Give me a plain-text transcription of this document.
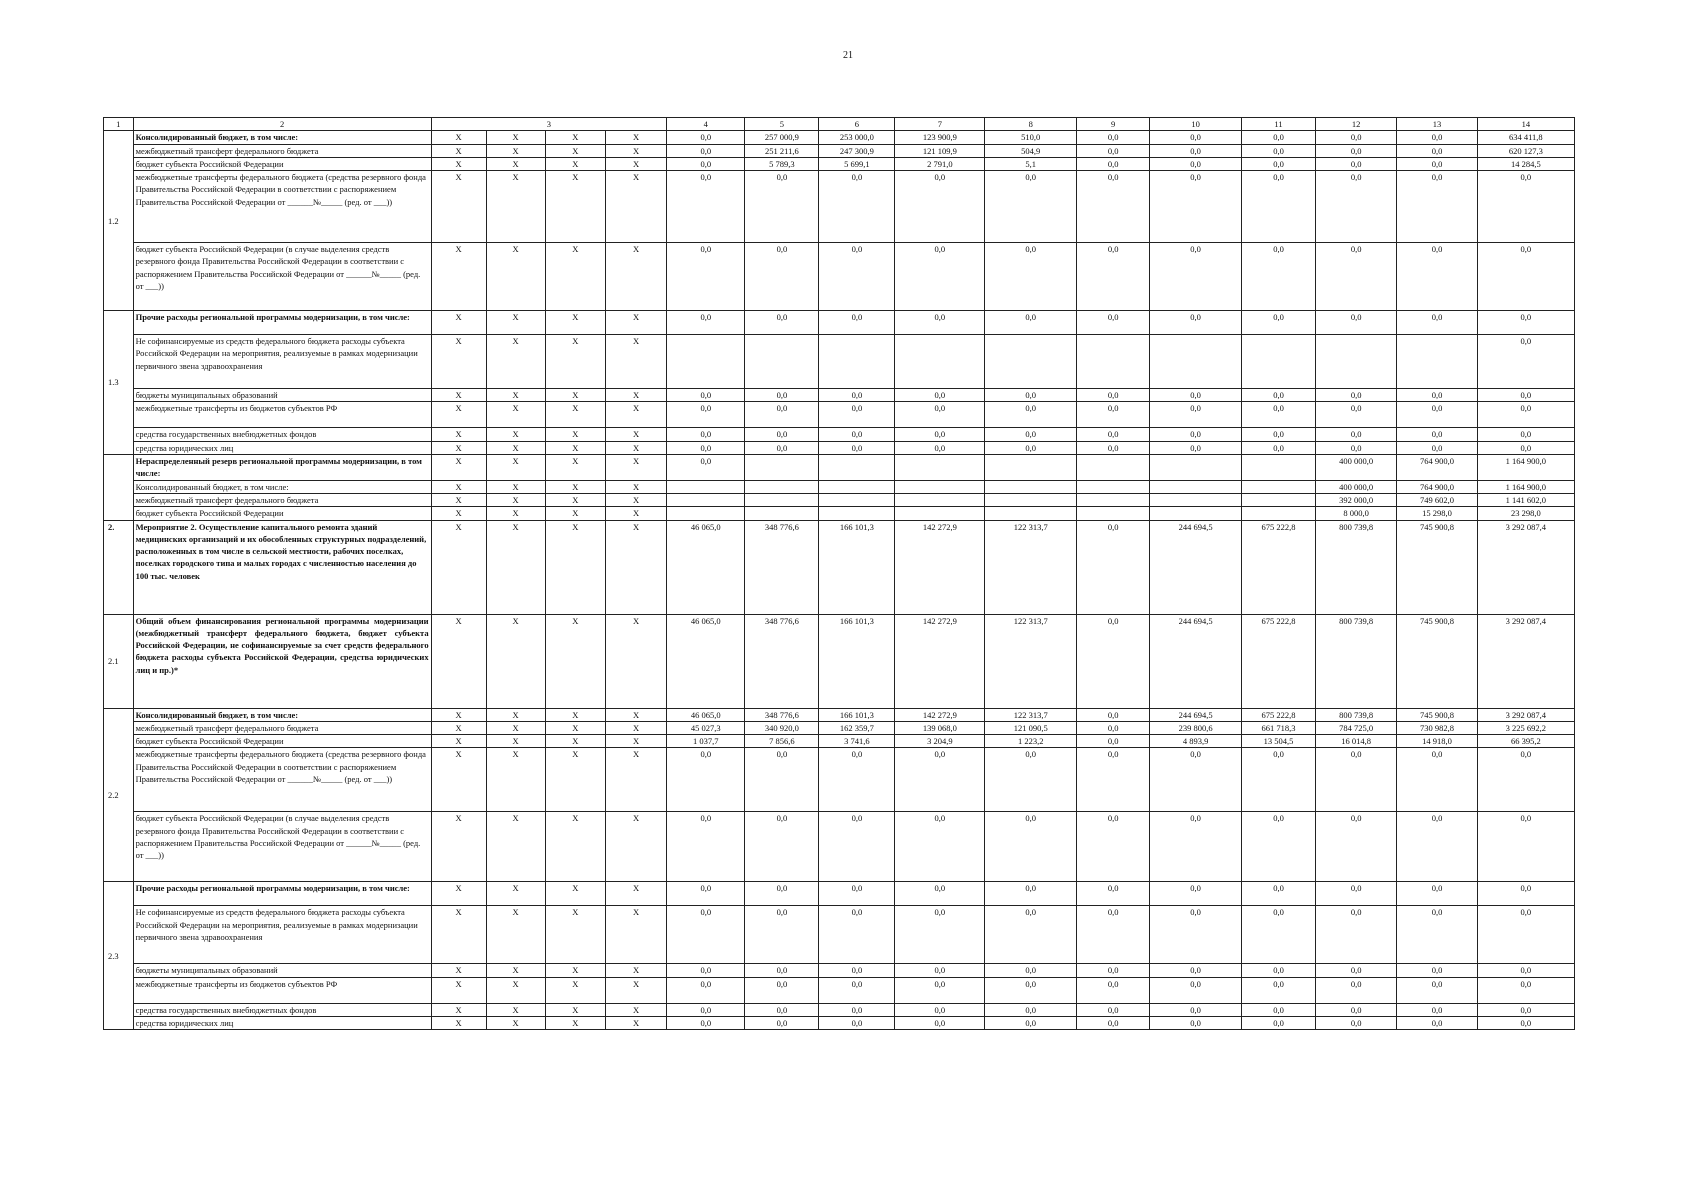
21
1	2	3				4	5	6	7	8	9	10	11	12	13	14
1.2	Консолидированный бюджет, в том числе:	X	X	X	X	0,0	257 000,9	253 000,0	123 900,9	510,0	0,0	0,0	0,0	0,0	0,0	634 411,8
	межбюджетный трансферт федерального бюджета	X	X	X	X	0,0	251 211,6	247 300,9	121 109,9	504,9	0,0	0,0	0,0	0,0	0,0	620 127,3
	бюджет субъекта Российской Федерации	X	X	X	X	0,0	5 789,3	5 699,1	2 791,0	5,1	0,0	0,0	0,0	0,0	0,0	14 284,5
	межбюджетные трансферты федерального бюджета (средства резервного фонда Правительства Российской Федерации в соответствии с распоряжением Правительства Российской Федерации от ______№_____ (ред. от ___))	X	X	X	X	0,0	0,0	0,0	0,0	0,0	0,0	0,0	0,0	0,0	0,0	0,0
	бюджет субъекта Российской Федерации (в случае выделения средств резервного фонда Правительства Российской Федерации в соответствии с распоряжением Правительства Российской Федерации от ______№_____ (ред. от ___))	X	X	X	X	0,0	0,0	0,0	0,0	0,0	0,0	0,0	0,0	0,0	0,0	0,0
1.3	Прочие расходы региональной программы модернизации, в том числе:	X	X	X	X	0,0	0,0	0,0	0,0	0,0	0,0	0,0	0,0	0,0	0,0	0,0
	Не софинансируемые из средств федерального бюджета расходы субъекта Российской Федерации на мероприятия, реализуемые в рамках модернизации первичного звена здравоохранения	X	X	X	X											0,0
	бюджеты муниципальных образований	X	X	X	X	0,0	0,0	0,0	0,0	0,0	0,0	0,0	0,0	0,0	0,0	0,0
	межбюджетные трансферты из бюджетов субъектов РФ	X	X	X	X	0,0	0,0	0,0	0,0	0,0	0,0	0,0	0,0	0,0	0,0	0,0
	средства государственных внебюджетных фондов	X	X	X	X	0,0	0,0	0,0	0,0	0,0	0,0	0,0	0,0	0,0	0,0	0,0
	средства юридических лиц	X	X	X	X	0,0	0,0	0,0	0,0	0,0	0,0	0,0	0,0	0,0	0,0	0,0
	Нераспределенный резерв региональной программы модернизации, в том числе:	X	X	X	X	0,0								400 000,0	764 900,0	1 164 900,0
	Консолидированный бюджет, в том числе:	X	X	X	X									400 000,0	764 900,0	1 164 900,0
	межбюджетный трансферт федерального бюджета	X	X	X	X									392 000,0	749 602,0	1 141 602,0
	бюджет субъекта Российской Федерации	X	X	X	X									8 000,0	15 298,0	23 298,0
2.	Мероприятие 2. Осуществление капитального ремонта зданий медицинских организаций и их обособленных структурных подразделений, расположенных в том числе в сельской местности, рабочих поселках, поселках городского типа и малых городах с численностью населения до 100 тыс. человек	X	X	X	X	46 065,0	348 776,6	166 101,3	142 272,9	122 313,7	0,0	244 694,5	675 222,8	800 739,8	745 900,8	3 292 087,4
2.1	Общий объем финансирования региональной программы модернизации (межбюджетный трансферт федерального бюджета, бюджет субъекта Российской Федерации, не софинансируемые за счет средств федерального бюджета расходы субъекта Российской Федерации, средства юридических лиц и пр.)*	X	X	X	X	46 065,0	348 776,6	166 101,3	142 272,9	122 313,7	0,0	244 694,5	675 222,8	800 739,8	745 900,8	3 292 087,4
2.2	Консолидированный бюджет, в том числе:	X	X	X	X	46 065,0	348 776,6	166 101,3	142 272,9	122 313,7	0,0	244 694,5	675 222,8	800 739,8	745 900,8	3 292 087,4
	межбюджетный трансферт федерального бюджета	X	X	X	X	45 027,3	340 920,0	162 359,7	139 068,0	121 090,5	0,0	239 800,6	661 718,3	784 725,0	730 982,8	3 225 692,2
	бюджет субъекта Российской Федерации	X	X	X	X	1 037,7	7 856,6	3 741,6	3 204,9	1 223,2	0,0	4 893,9	13 504,5	16 014,8	14 918,0	66 395,2
	межбюджетные трансферты федерального бюджета (средства резервного фонда Правительства Российской Федерации в соответствии с распоряжением Правительства Российской Федерации от ______№_____ (ред. от ___))	X	X	X	X	0,0	0,0	0,0	0,0	0,0	0,0	0,0	0,0	0,0	0,0	0,0
	бюджет субъекта Российской Федерации (в случае выделения средств резервного фонда Правительства Российской Федерации в соответствии с распоряжением Правительства Российской Федерации от ______№_____ (ред. от ___))	X	X	X	X	0,0	0,0	0,0	0,0	0,0	0,0	0,0	0,0	0,0	0,0	0,0
2.3	Прочие расходы региональной программы модернизации, в том числе:	X	X	X	X	0,0	0,0	0,0	0,0	0,0	0,0	0,0	0,0	0,0	0,0	0,0
	Не софинансируемые из средств федерального бюджета расходы субъекта Российской Федерации на мероприятия, реализуемые в рамках модернизации первичного звена здравоохранения	X	X	X	X	0,0	0,0	0,0	0,0	0,0	0,0	0,0	0,0	0,0	0,0	0,0
	бюджеты муниципальных образований	X	X	X	X	0,0	0,0	0,0	0,0	0,0	0,0	0,0	0,0	0,0	0,0	0,0
	межбюджетные трансферты из бюджетов субъектов РФ	X	X	X	X	0,0	0,0	0,0	0,0	0,0	0,0	0,0	0,0	0,0	0,0	0,0
	средства государственных внебюджетных фондов	X	X	X	X	0,0	0,0	0,0	0,0	0,0	0,0	0,0	0,0	0,0	0,0	0,0
	средства юридических лиц	X	X	X	X	0,0	0,0	0,0	0,0	0,0	0,0	0,0	0,0	0,0	0,0	0,0
